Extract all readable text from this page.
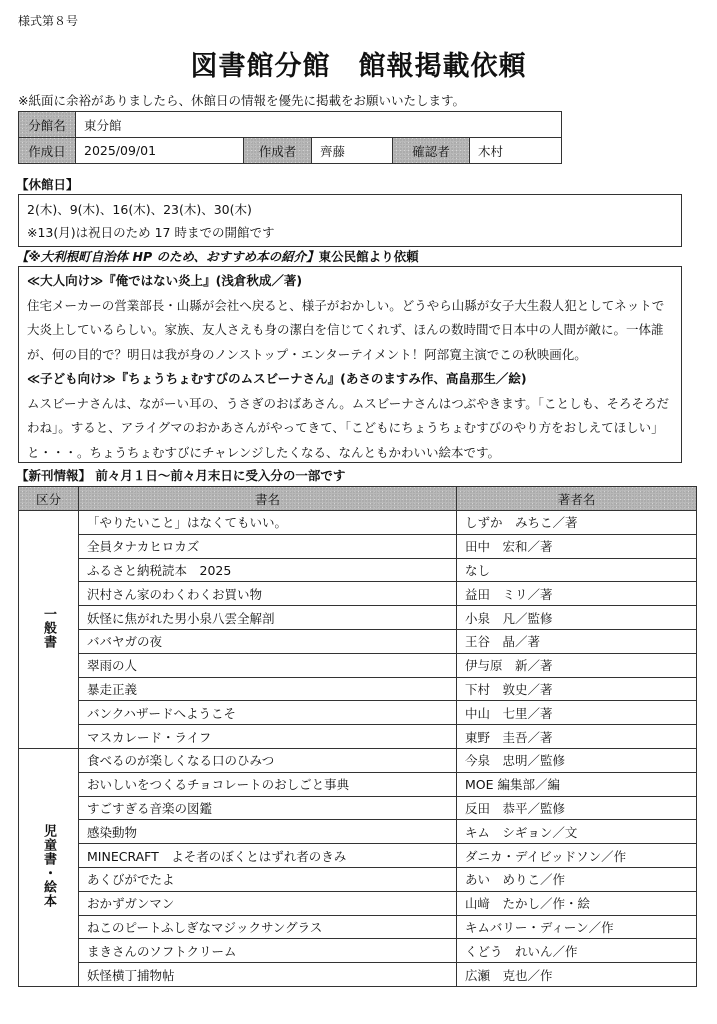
様式第８号
図書館分館　館報掲載依頼
※紙面に余裕がありましたら、休館日の情報を優先に掲載をお願いいたします。
分館名	東分館				
作成日	2025/09/01	作成者	齊藤	確認者	木村
【休館日】
2(木)、9(木)、16(木)、23(木)、30(木)
※13(月)は祝日のため 17 時までの開館です
【※大利根町自治体 HP のため、おすすめ本の紹介】東公民館より依頼
≪大人向け≫『俺ではない炎上』(浅倉秋成／著)
住宅メーカーの営業部長・山縣が会社へ戻ると、様子がおかしい。どうやら山縣が女子大生殺人犯としてネットで大炎上しているらしい。家族、友人さえも身の潔白を信じてくれず、ほんの数時間で日本中の人間が敵に。一体誰が、何の目的で？明日は我が身のノンストップ・エンターテイメント！阿部寛主演でこの秋映画化。
≪子ども向け≫『ちょうちょむすびのムスビーナさん』(あさのますみ作、高畠那生／絵)
ムスビーナさんは、ながーい耳の、うさぎのおばあさん。ムスビーナさんはつぶやきます。「ことしも、そろそろだわね」。すると、アライグマのおかあさんがやってきて、「こどもにちょうちょむすびのやり方をおしえてほしい」と・・・。ちょうちょむすびにチャレンジしたくなる、なんともかわいい絵本です。
【新刊情報】 前々月１日～前々月末日に受入分の一部です
区分	書名	著者名
一般書	「やりたいこと」はなくてもいい。	しずか　みちこ／著
	全員タナカヒロカズ	田中　宏和／著
	ふるさと納税読本　2025	なし
	沢村さん家のわくわくお買い物	益田　ミリ／著
	妖怪に焦がれた男小泉八雲全解剖	小泉　凡／監修
	ババヤガの夜	王谷　晶／著
	翠雨の人	伊与原　新／著
	暴走正義	下村　敦史／著
	バンクハザードへようこそ	中山　七里／著
	マスカレード・ライフ	東野　圭吾／著
児童書・絵本	食べるのが楽しくなる口のひみつ	今泉　忠明／監修
	おいしいをつくるチョコレートのおしごと事典	MOE 編集部／編
	すごすぎる音楽の図鑑	反田　恭平／監修
	感染動物	キム　シギョン／文
	MINECRAFT　よそ者のぼくとはずれ者のきみ	ダニカ・デイビッドソン／作
	あくびがでたよ	あい　めりこ／作
	おかずガンマン	山﨑　たかし／作・絵
	ねこのピートふしぎなマジックサングラス	キムバリー・ディーン／作
	まきさんのソフトクリーム	くどう　れいん／作
	妖怪横丁捕物帖	広瀬　克也／作
